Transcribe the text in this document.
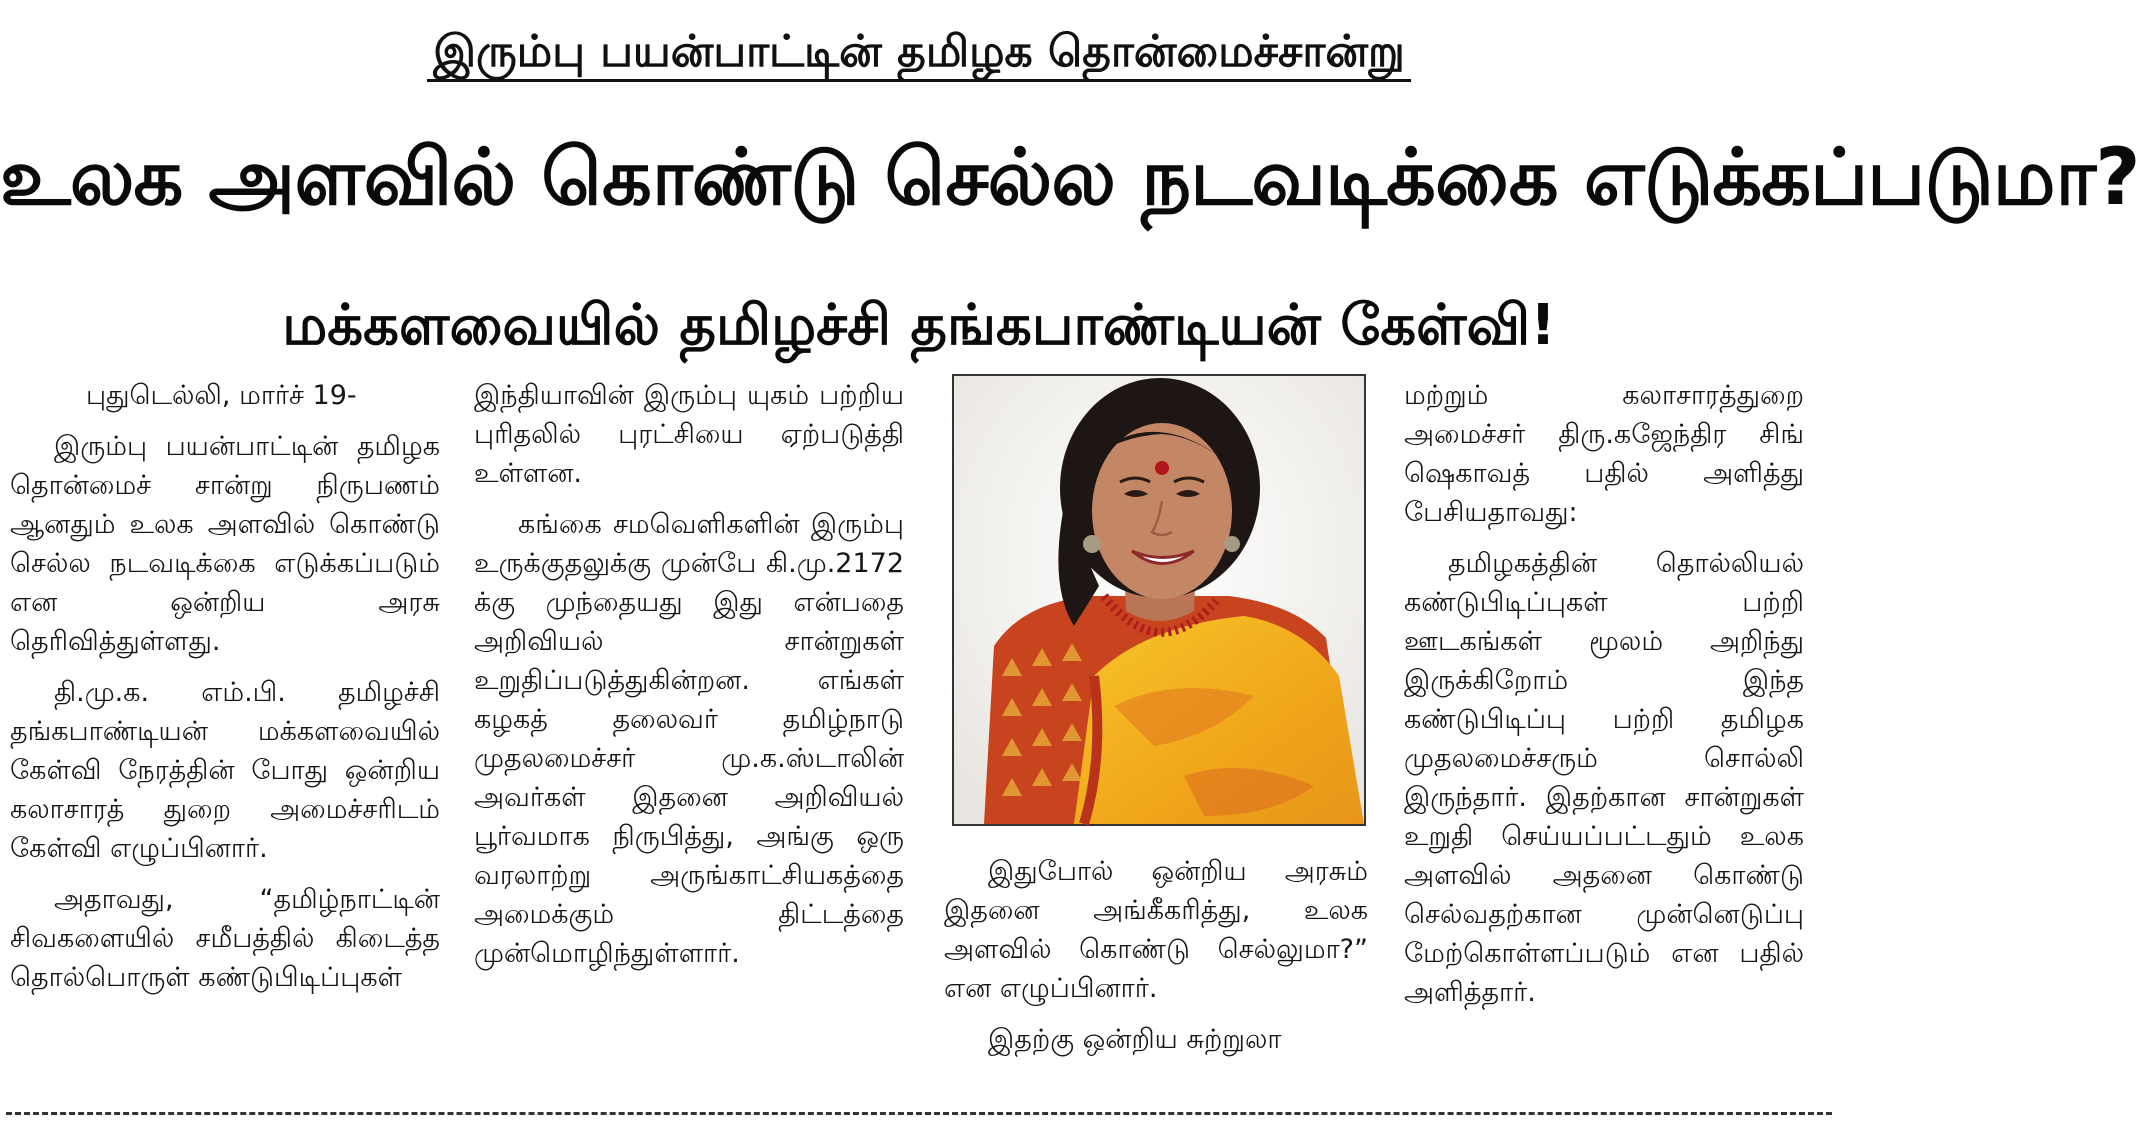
இரும்பு பயன்பாட்டின் தமிழக தொன்மைச்சான்று
உலக அளவில் கொண்டு செல்ல நடவடிக்கை எடுக்கப்படுமா?
மக்களவையில் தமிழச்சி தங்கபாண்டியன் கேள்வி!

புதுடெல்லி, மார்ச் 19-

இரும்பு பயன்பாட்டின் தமிழக தொன்மைச் சான்று நிருபணம் ஆனதும் உலக அளவில் கொண்டு செல்ல நடவடிக்கை எடுக்கப்படும் என ஒன்றிய அரசு தெரிவித்துள்ளது.

தி.மு.க. எம்.பி. தமிழச்சி தங்கபாண்டியன் மக்களவையில் கேள்வி நேரத்தின் போது ஒன்றிய கலாசாரத் துறை அமைச்சரிடம் கேள்வி எழுப்பினார்.

அதாவது, “தமிழ்நாட்டின் சிவகளையில் சமீபத்தில் கிடைத்த தொல்பொருள் கண்டுபிடிப்புகள்

இந்தியாவின் இரும்பு யுகம் பற்றிய புரிதலில் புரட்சியை ஏற்படுத்தி உள்ளன.

கங்கை சமவெளிகளின் இரும்பு உருக்குதலுக்கு முன்பே கி.மு.2172 க்கு முந்தையது இது என்பதை அறிவியல் சான்றுகள் உறுதிப்படுத்துகின்றன. எங்கள் கழகத் தலைவர் தமிழ்நாடு முதலமைச்சர் மு.க.ஸ்டாலின் அவர்கள் இதனை அறிவியல் பூர்வமாக நிருபித்து, அங்கு ஒரு வரலாற்று அருங்காட்சியகத்தை அமைக்கும் திட்டத்தை முன்மொழிந்துள்ளார்.

இதுபோல் ஒன்றிய அரசும் இதனை அங்கீகரித்து, உலக அளவில் கொண்டு செல்லுமா?” என எழுப்பினார்.

இதற்கு ஒன்றிய சுற்றுலா

மற்றும் கலாசாரத்துறை அமைச்சர் திரு.கஜேந்திர சிங் ஷெகாவத் பதில் அளித்து பேசியதாவது:

தமிழகத்தின் தொல்லியல் கண்டுபிடிப்புகள் பற்றி ஊடகங்கள் மூலம் அறிந்து இருக்கிறோம் இந்த கண்டுபிடிப்பு பற்றி தமிழக முதலமைச்சரும் சொல்லி இருந்தார். இதற்கான சான்றுகள் உறுதி செய்யப்பட்டதும் உலக அளவில் அதனை கொண்டு செல்வதற்கான முன்னெடுப்பு மேற்கொள்ளப்படும் என பதில் அளித்தார்.
